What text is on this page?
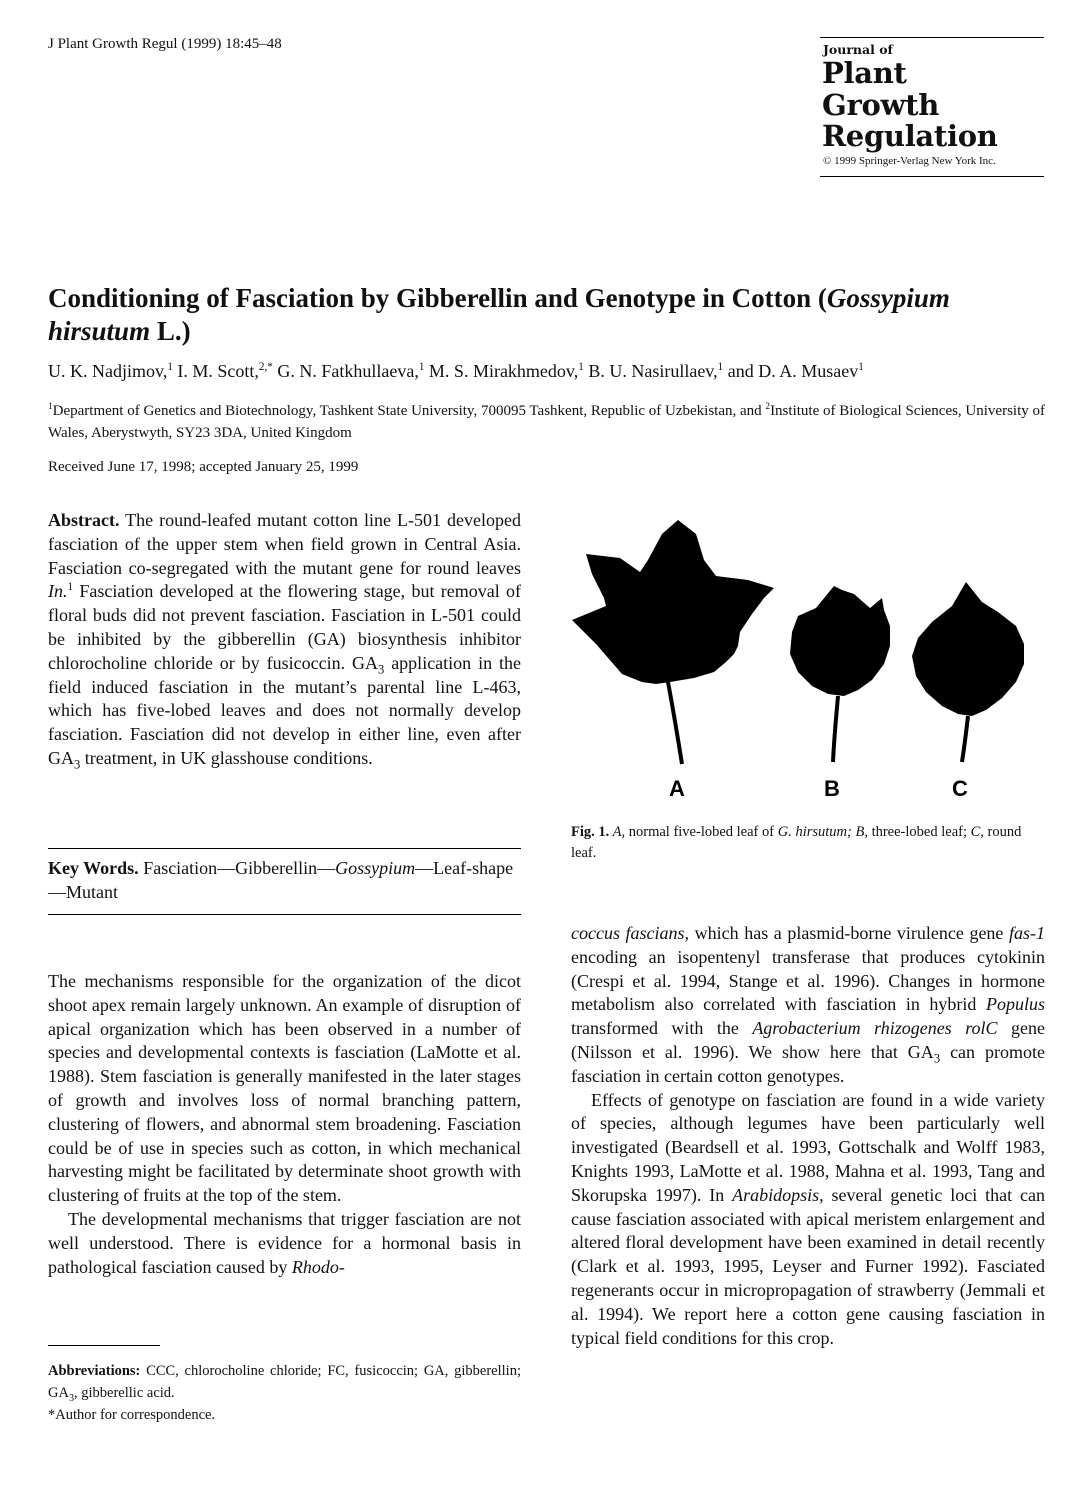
J Plant Growth Regul (1999) 18:45–48	Journal of
Plant
Growth
Regulation
© 1999 Springer-Verlag New York Inc.
Conditioning of Fasciation by Gibberellin and Genotype in Cotton (Gossypium hirsutum L.)
U. K. Nadjimov,$^1$ I. M. Scott,$^{2,*}$ G. N. Fatkhullaeva,$^1$ M. S. Mirakhmedov,$^1$ B. U. Nasirullaev,$^1$ and D. A. Musaev$^1$
$^1$Department of Genetics and Biotechnology, Tashkent State University, 700095 Tashkent, Republic of Uzbekistan, and $^2$Institute of Biological Sciences, University of Wales, Aberystwyth, SY23 3DA, United Kingdom
Received June 17, 1998; accepted January 25, 1999
Abstract. The round-leafed mutant cotton line L-501 developed fasciation of the upper stem when field grown in Central Asia. Fasciation co-segregated with the mutant gene for round leaves In.$^1$ Fasciation developed at the flowering stage, but removal of floral buds did not prevent fasciation. Fasciation in L-501 could be inhibited by the gibberellin (GA) biosynthesis inhibitor chlorocholine chloride or by fusicoccin. $GA_3$ application in the field induced fasciation in the mutant’s parental line L-463, which has five-lobed leaves and does not normally develop fasciation. Fasciation did not develop in either line, even after $GA_3$ treatment, in UK glasshouse conditions.
Key Words. Fasciation—Gibberellin—Gossypium—Leaf-shape—Mutant
A	B	C
Fig. 1. A, normal five-lobed leaf of G. hirsutum; B, three-lobed leaf; C, round leaf.

The mechanisms responsible for the organization of the dicot shoot apex remain largely unknown. An example of disruption of apical organization which has been observed in a number of species and developmental contexts is fasciation (LaMotte et al. 1988). Stem fasciation is generally manifested in the later stages of growth and involves loss of normal branching pattern, clustering of flowers, and abnormal stem broadening. Fasciation could be of use in species such as cotton, in which mechanical harvesting might be facilitated by determinate shoot growth with clustering of fruits at the top of the stem.

The developmental mechanisms that trigger fasciation are not well understood. There is evidence for a hormonal basis in pathological fasciation caused by Rhodo-

coccus fascians, which has a plasmid-borne virulence gene fas-1 encoding an isopentenyl transferase that produces cytokinin (Crespi et al. 1994, Stange et al. 1996). Changes in hormone metabolism also correlated with fasciation in hybrid Populus transformed with the Agrobacterium rhizogenes rolC gene (Nilsson et al. 1996). We show here that $GA_3$ can promote fasciation in certain cotton genotypes.

Effects of genotype on fasciation are found in a wide variety of species, although legumes have been particularly well investigated (Beardsell et al. 1993, Gottschalk and Wolff 1983, Knights 1993, LaMotte et al. 1988, Mahna et al. 1993, Tang and Skorupska 1997). In Arabidopsis, several genetic loci that can cause fasciation associated with apical meristem enlargement and altered floral development have been examined in detail recently (Clark et al. 1993, 1995, Leyser and Furner 1992). Fasciated regenerants occur in micropropagation of strawberry (Jemmali et al. 1994). We report here a cotton gene causing fasciation in typical field conditions for this crop.

Abbreviations: CCC, chlorocholine chloride; FC, fusicoccin; GA, gibberellin; $GA_3$, gibberellic acid.
*Author for correspondence.
